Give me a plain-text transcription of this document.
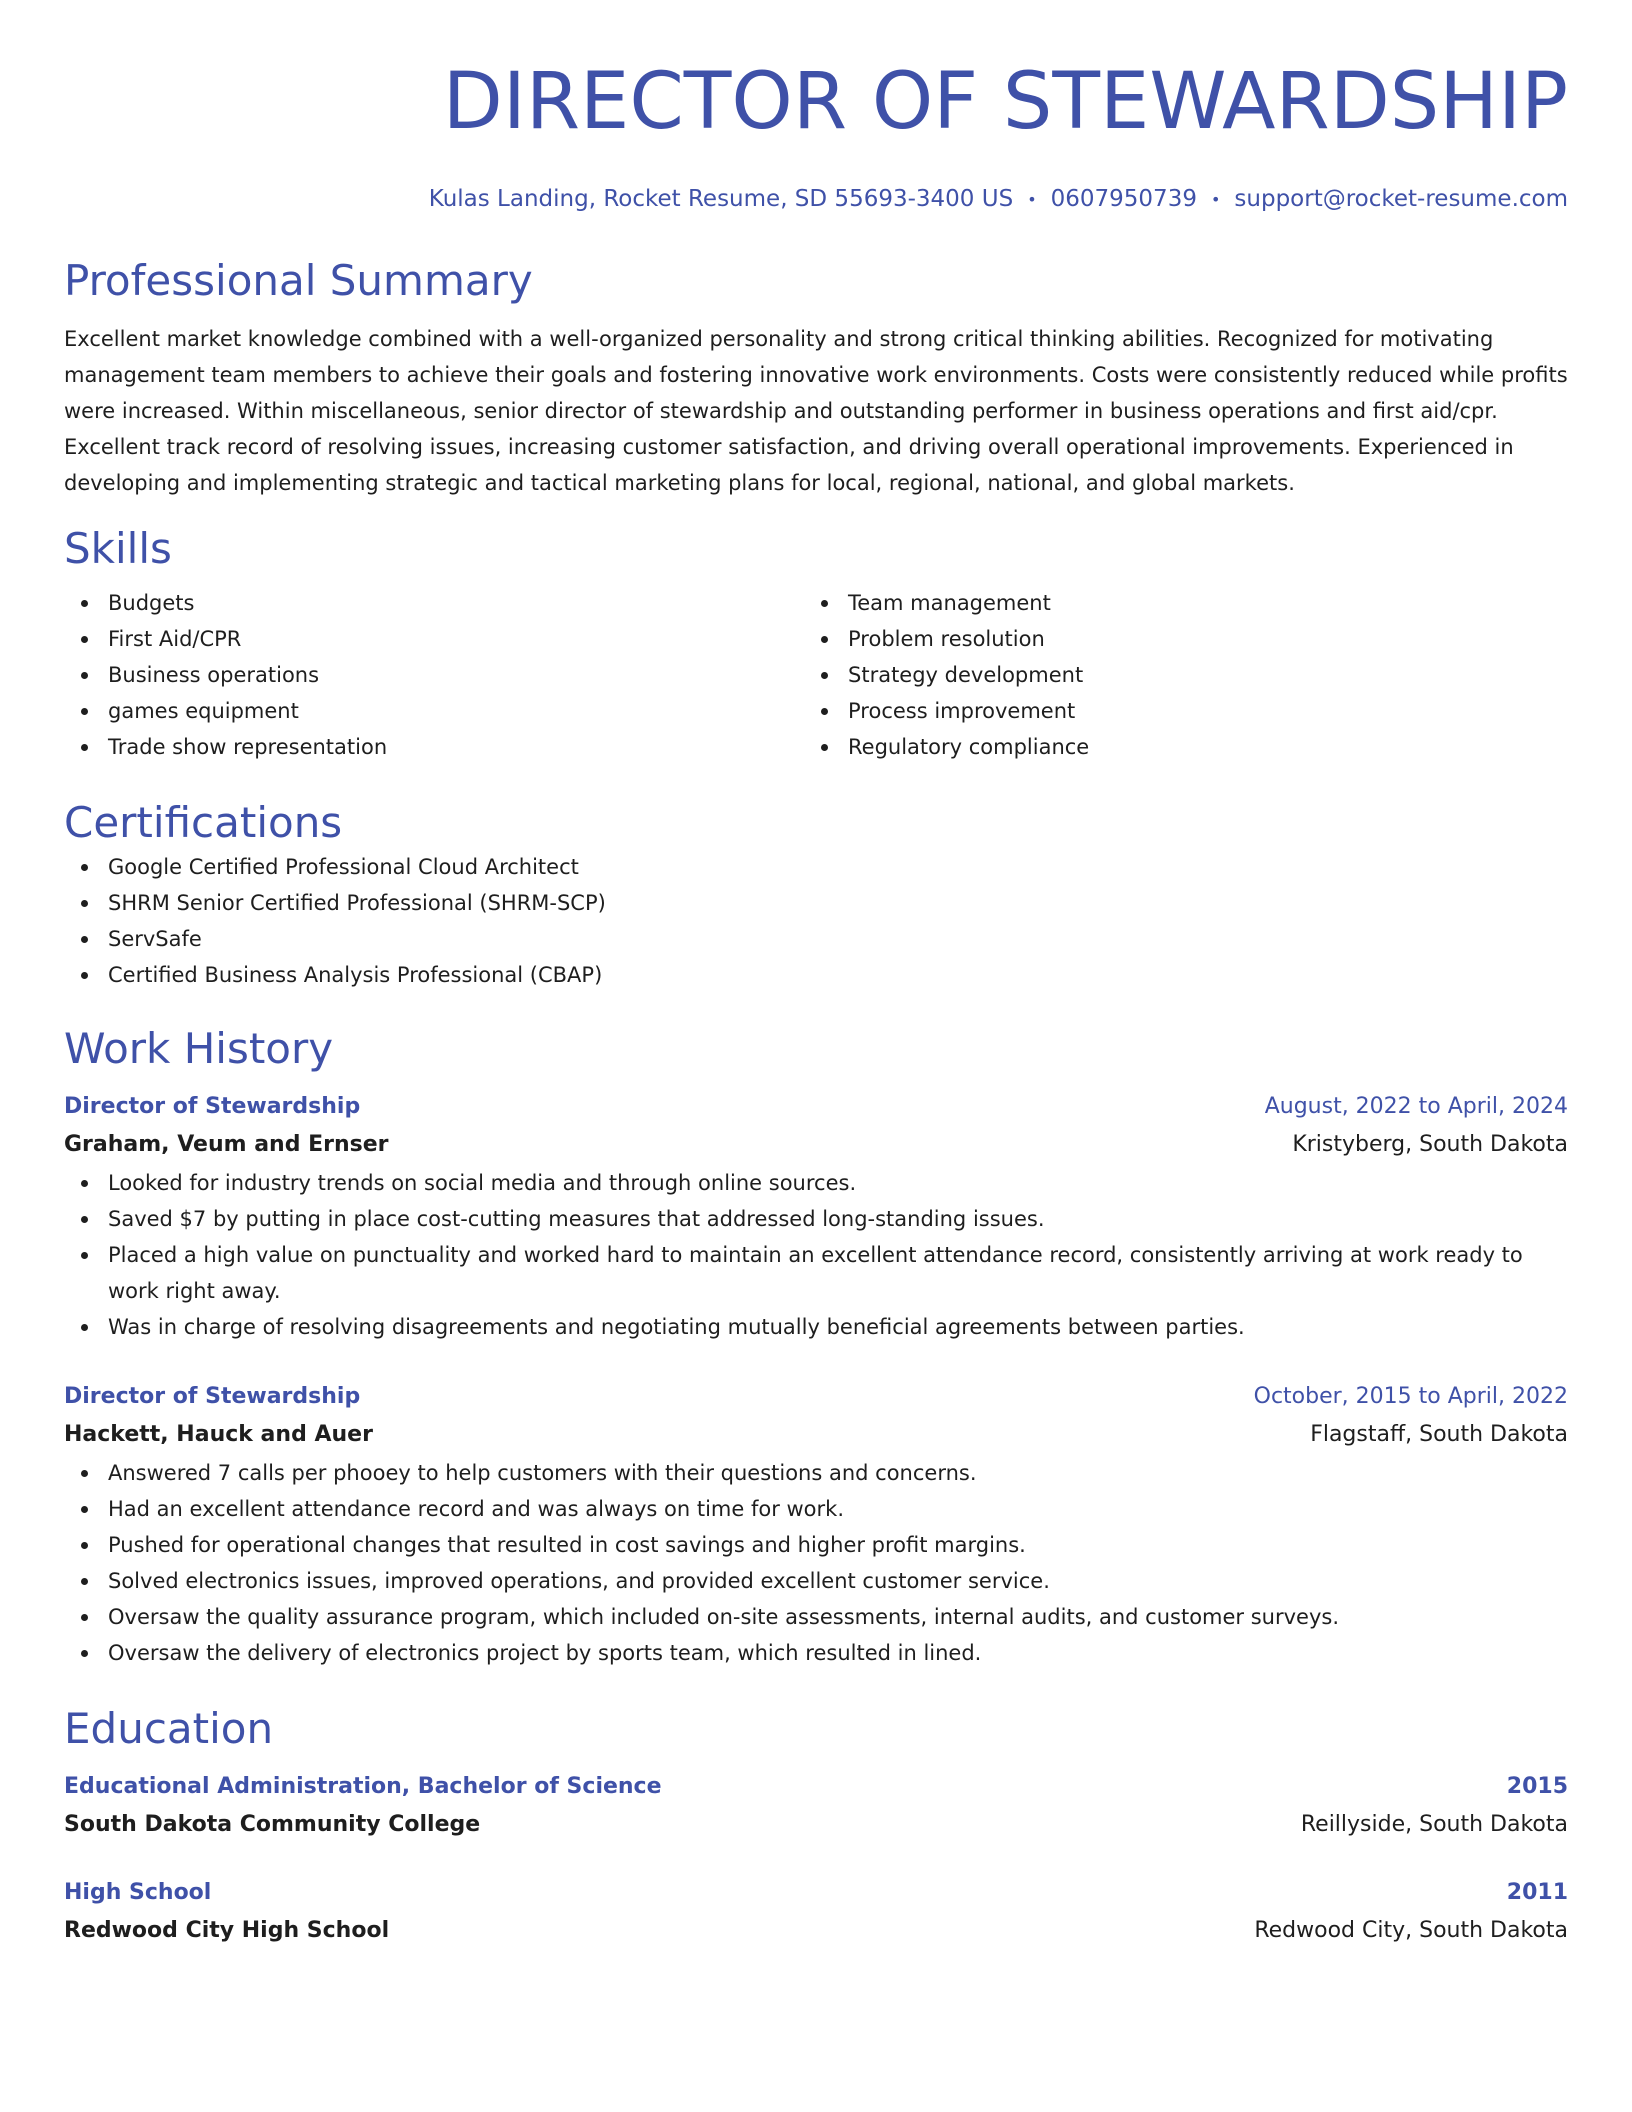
DIRECTOR OF STEWARDSHIP
Kulas Landing, Rocket Resume, SD 55693-3400 US • 0607950739 • support@rocket-resume.com
Professional Summary

Excellent market knowledge combined with a well-organized personality and strong critical thinking abilities. Recognized for motivating management team members to achieve their goals and fostering innovative work environments. Costs were consistently reduced while profits were increased. Within miscellaneous, senior director of stewardship and outstanding performer in business operations and first aid/cpr. Excellent track record of resolving issues, increasing customer satisfaction, and driving overall operational improvements. Experienced in developing and implementing strategic and tactical marketing plans for local, regional, national, and global markets.

Skills
Budgets
First Aid/CPR
Business operations
games equipment
Trade show representation
Team management
Problem resolution
Strategy development
Process improvement
Regulatory compliance
Certifications
Google Certified Professional Cloud Architect
SHRM Senior Certified Professional (SHRM-SCP)
ServSafe
Certified Business Analysis Professional (CBAP)
Work History
Director of Stewardship	August, 2022 to April, 2024
Graham, Veum and Ernser	Kristyberg, South Dakota
Looked for industry trends on social media and through online sources.
Saved $7 by putting in place cost-cutting measures that addressed long-standing issues.
Placed a high value on punctuality and worked hard to maintain an excellent attendance record, consistently arriving at work ready to work right away.
Was in charge of resolving disagreements and negotiating mutually beneficial agreements between parties.
Director of Stewardship	October, 2015 to April, 2022
Hackett, Hauck and Auer	Flagstaff, South Dakota
Answered 7 calls per phooey to help customers with their questions and concerns.
Had an excellent attendance record and was always on time for work.
Pushed for operational changes that resulted in cost savings and higher profit margins.
Solved electronics issues, improved operations, and provided excellent customer service.
Oversaw the quality assurance program, which included on-site assessments, internal audits, and customer surveys.
Oversaw the delivery of electronics project by sports team, which resulted in lined.
Education
Educational Administration, Bachelor of Science	2015
South Dakota Community College	Reillyside, South Dakota
High School	2011
Redwood City High School	Redwood City, South Dakota
